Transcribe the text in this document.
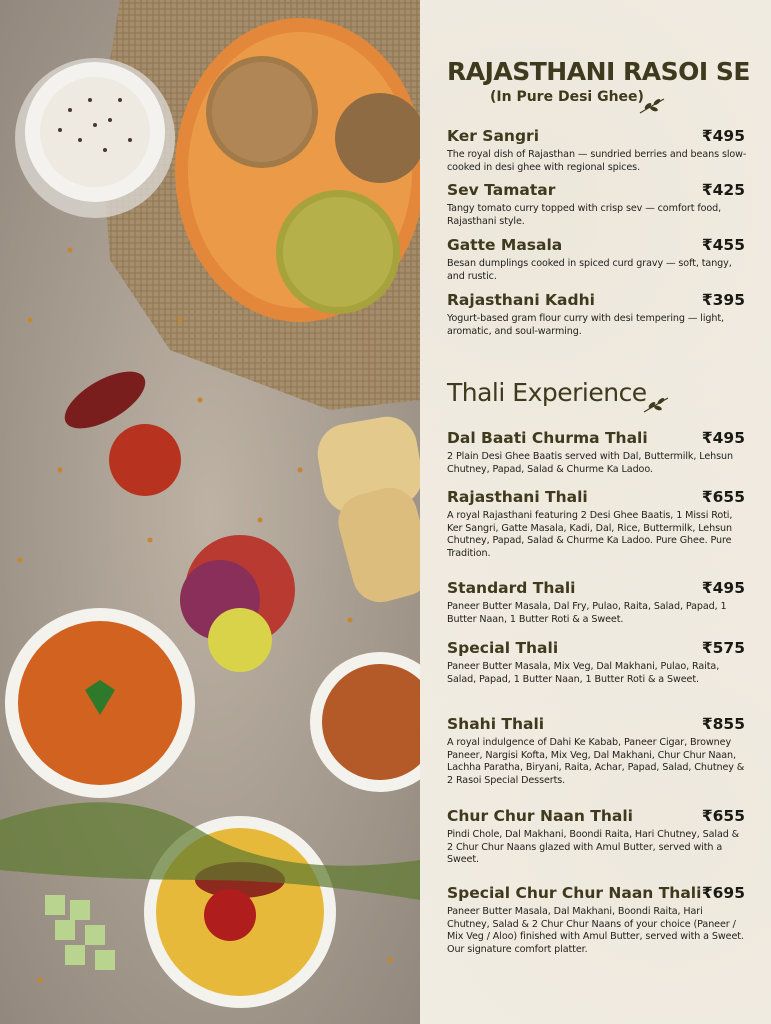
RAJASTHANI RASOI SE
(In Pure Desi Ghee)
Ker Sangri	₹495
The royal dish of Rajasthan — sundried berries and beans slow-cooked in desi ghee with regional spices.
Sev Tamatar	₹425
Tangy tomato curry topped with crisp sev — comfort food, Rajasthani style.
Gatte Masala	₹455
Besan dumplings cooked in spiced curd gravy — soft, tangy, and rustic.
Rajasthani Kadhi	₹395
Yogurt-based gram flour curry with desi tempering — light, aromatic, and soul-warming.
Thali Experience
Dal Baati Churma Thali	₹495
2 Plain Desi Ghee Baatis served with Dal, Buttermilk, Lehsun Chutney, Papad, Salad & Churme Ka Ladoo.
Rajasthani Thali	₹655
A royal Rajasthani featuring 2 Desi Ghee Baatis, 1 Missi Roti, Ker Sangri, Gatte Masala, Kadi, Dal, Rice, Buttermilk, Lehsun Chutney, Papad, Salad & Churme Ka Ladoo. Pure Ghee. Pure Tradition.
Standard Thali	₹495
Paneer Butter Masala, Dal Fry, Pulao, Raita, Salad, Papad, 1 Butter Naan, 1 Butter Roti & a Sweet.
Special Thali	₹575
Paneer Butter Masala, Mix Veg, Dal Makhani, Pulao, Raita, Salad, Papad, 1 Butter Naan, 1 Butter Roti & a Sweet.
Shahi Thali	₹855
A royal indulgence of Dahi Ke Kabab, Paneer Cigar, Browney Paneer, Nargisi Kofta, Mix Veg, Dal Makhani, Chur Chur Naan, Lachha Paratha, Biryani, Raita, Achar, Papad, Salad, Chutney & 2 Rasoi Special Desserts.
Chur Chur Naan Thali	₹655
Pindi Chole, Dal Makhani, Boondi Raita, Hari Chutney, Salad & 2 Chur Chur Naans glazed with Amul Butter, served with a Sweet.
Special Chur Chur Naan Thali ₹695
Paneer Butter Masala, Dal Makhani, Boondi Raita, Hari Chutney, Salad & 2 Chur Chur Naans of your choice (Paneer / Mix Veg / Aloo) finished with Amul Butter, served with a Sweet. Our signature comfort platter.
